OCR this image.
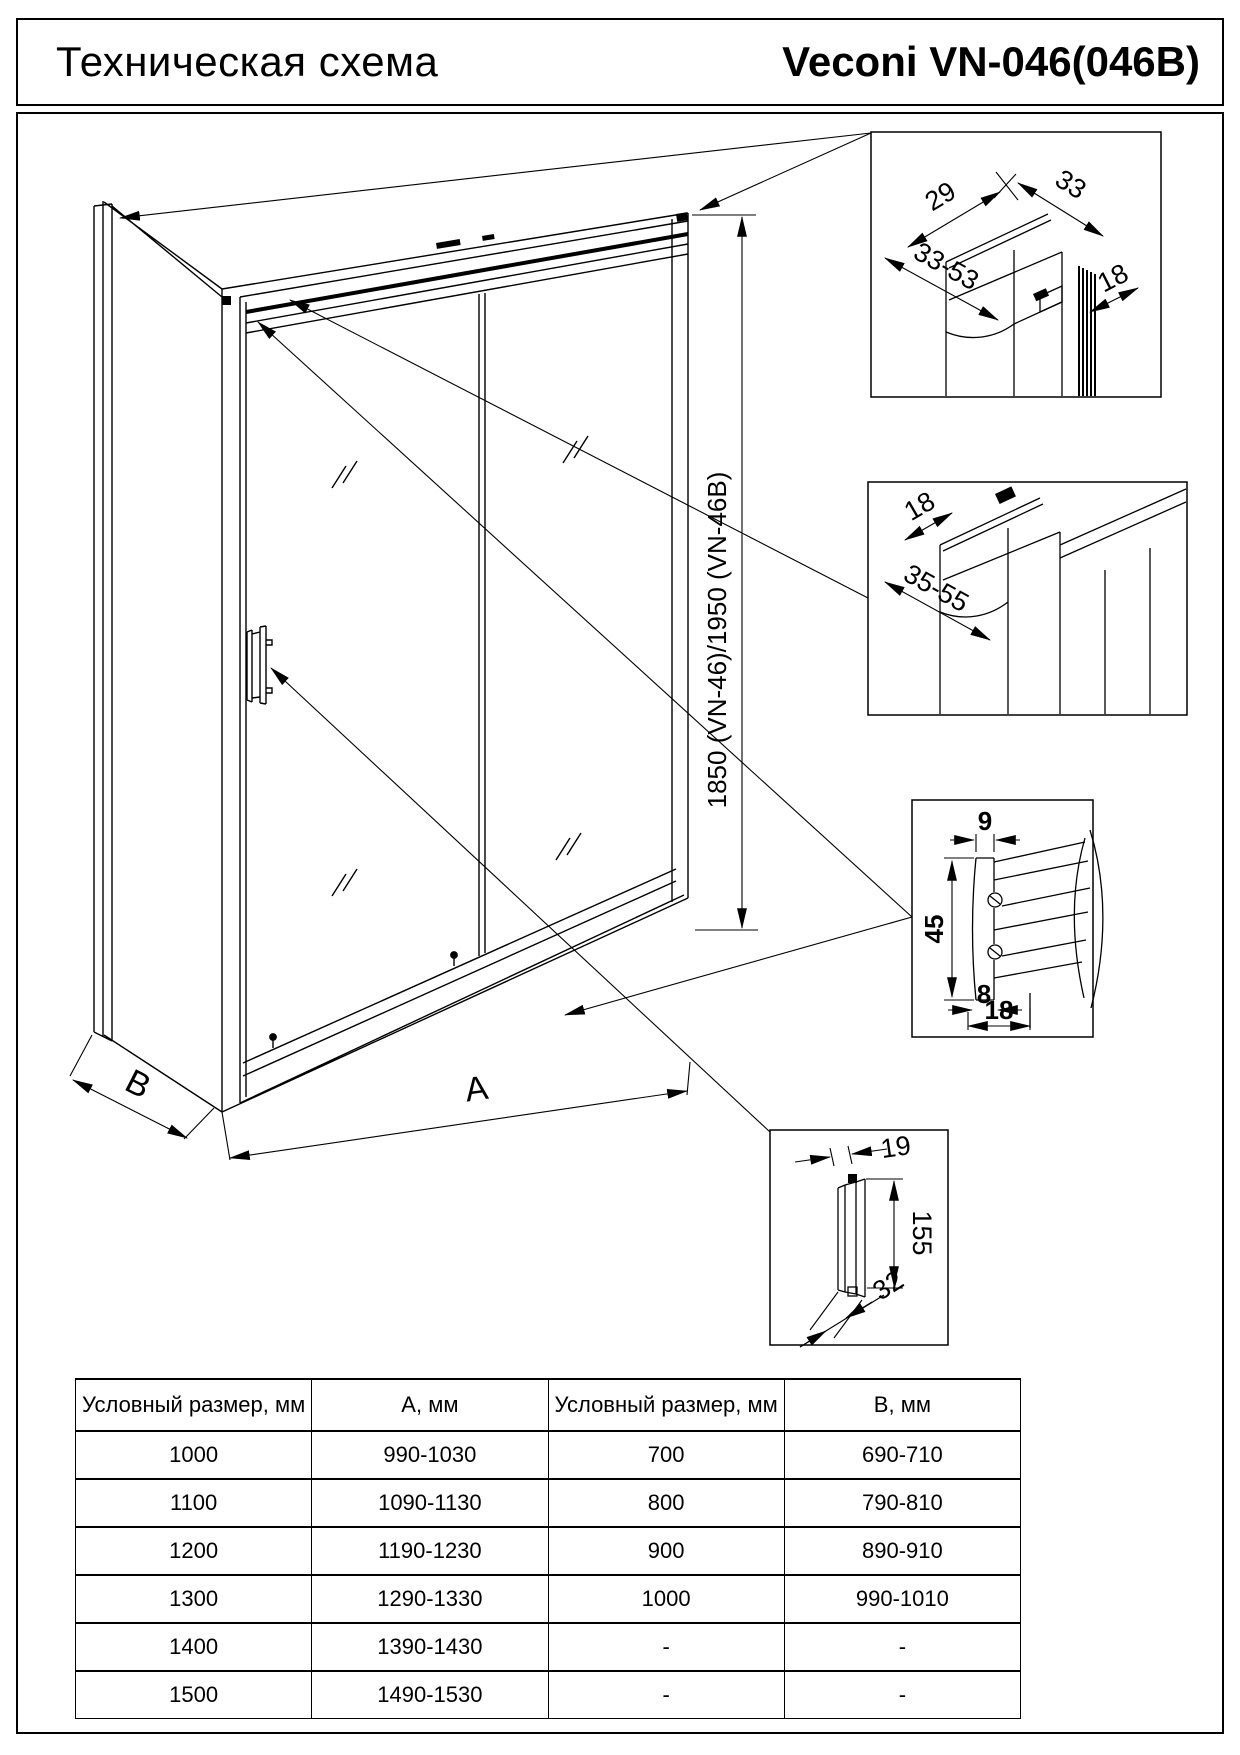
Техническая схема	Veconi VN-046(046B)
A
B
1850 (VN-46)/1950 (VN-46B)
29	33
33-53	18
18
35-55
9
45
8
18
19
155
32
Условный размер, мм	А, мм	Условный размер, мм	В, мм
1000	990-1030	700	690-710
1100	1090-1130	800	790-810
1200	1190-1230	900	890-910
1300	1290-1330	1000	990-1010
1400	1390-1430	-	-
1500	1490-1530	-	-
